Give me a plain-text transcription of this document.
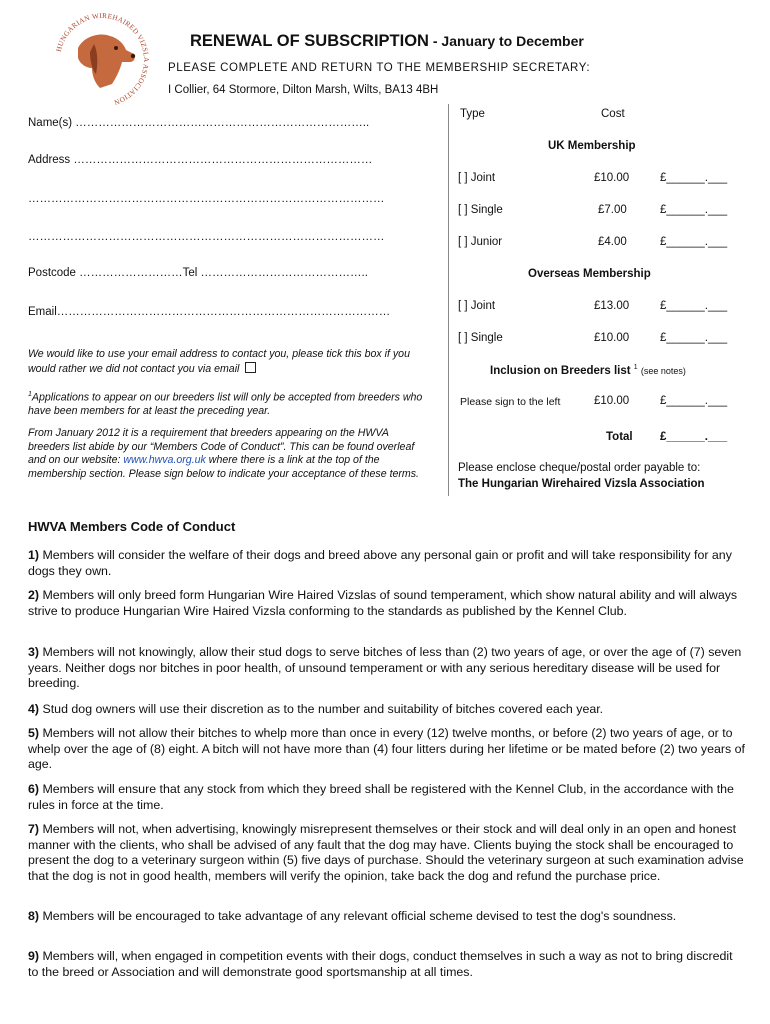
HUNGARIAN WIREHAIRED VIZSLA ASSOCIATION
RENEWAL OF SUBSCRIPTION - January to December
PLEASE COMPLETE AND RETURN TO THE MEMBERSHIP SECRETARY:
I Collier, 64 Stormore, Dilton Marsh, Wilts, BA13 4BH
Name(s) …………………………………………………………………..
Address ……………………………………………………………………
…………………………………………………………………………………
…………………………………………………………………………………
Postcode ………………………Tel ……………………………………..
Email……………………………………………………………………………
We would like to use your email address to contact you, please tick this box if you would rather we did not contact you via email
$^1$Applications to appear on our breeders list will only be accepted from breeders who have been members for at least the preceding year.
From January 2012 it is a requirement that breeders appearing on the HWVA breeders list abide by our “Members Code of Conduct”. This can be found overleaf and on our website: www.hwva.org.uk where there is a link at the top of the membership section. Please sign below to indicate your acceptance of these terms.
Type	Cost
UK Membership
[ ] Joint	£10.00	£______.___
[ ] Single	£7.00	£______.___
[ ] Junior	£4.00	£______.___
Overseas Membership
[ ] Joint	£13.00	£______.___
[ ] Single	£10.00	£______.___
Inclusion on Breeders list $^1$ (see notes)
Please sign to the left	£10.00	£______.___
Total £______.___
Please enclose cheque/postal order payable to:
The Hungarian Wirehaired Vizsla Association
HWVA Members Code of Conduct
1) Members will consider the welfare of their dogs and breed above any personal gain or profit and will take responsibility for any dogs they own.
2) Members will only breed form Hungarian Wire Haired Vizslas of sound temperament, which show natural ability and will always strive to produce Hungarian Wire Haired Vizsla conforming to the standards as published by the Kennel Club.
3) Members will not knowingly, allow their stud dogs to serve bitches of less than (2) two years of age, or over the age of (7) seven years. Neither dogs nor bitches in poor health, of unsound temperament or with any serious hereditary disease will be used for breeding.
4) Stud dog owners will use their discretion as to the number and suitability of bitches covered each year.
5) Members will not allow their bitches to whelp more than once in every (12) twelve months, or before (2) two years of age, or to whelp over the age of (8) eight. A bitch will not have more than (4) four litters during her lifetime or be mated before (2) two years of age.
6) Members will ensure that any stock from which they breed shall be registered with the Kennel Club, in the accordance with the rules in force at the time.
7) Members will not, when advertising, knowingly misrepresent themselves or their stock and will deal only in an open and honest manner with the clients, who shall be advised of any fault that the dog may have. Clients buying the stock shall be encouraged to present the dog to a veterinary surgeon within (5) five days of purchase. Should the veterinary surgeon at such examination advise that the dog is not in good health, members will verify the opinion, take back the dog and refund the purchase price.
8) Members will be encouraged to take advantage of any relevant official scheme devised to test the dog's soundness.
9) Members will, when engaged in competition events with their dogs, conduct themselves in such a way as not to bring discredit to the breed or Association and will demonstrate good sportsmanship at all times.
